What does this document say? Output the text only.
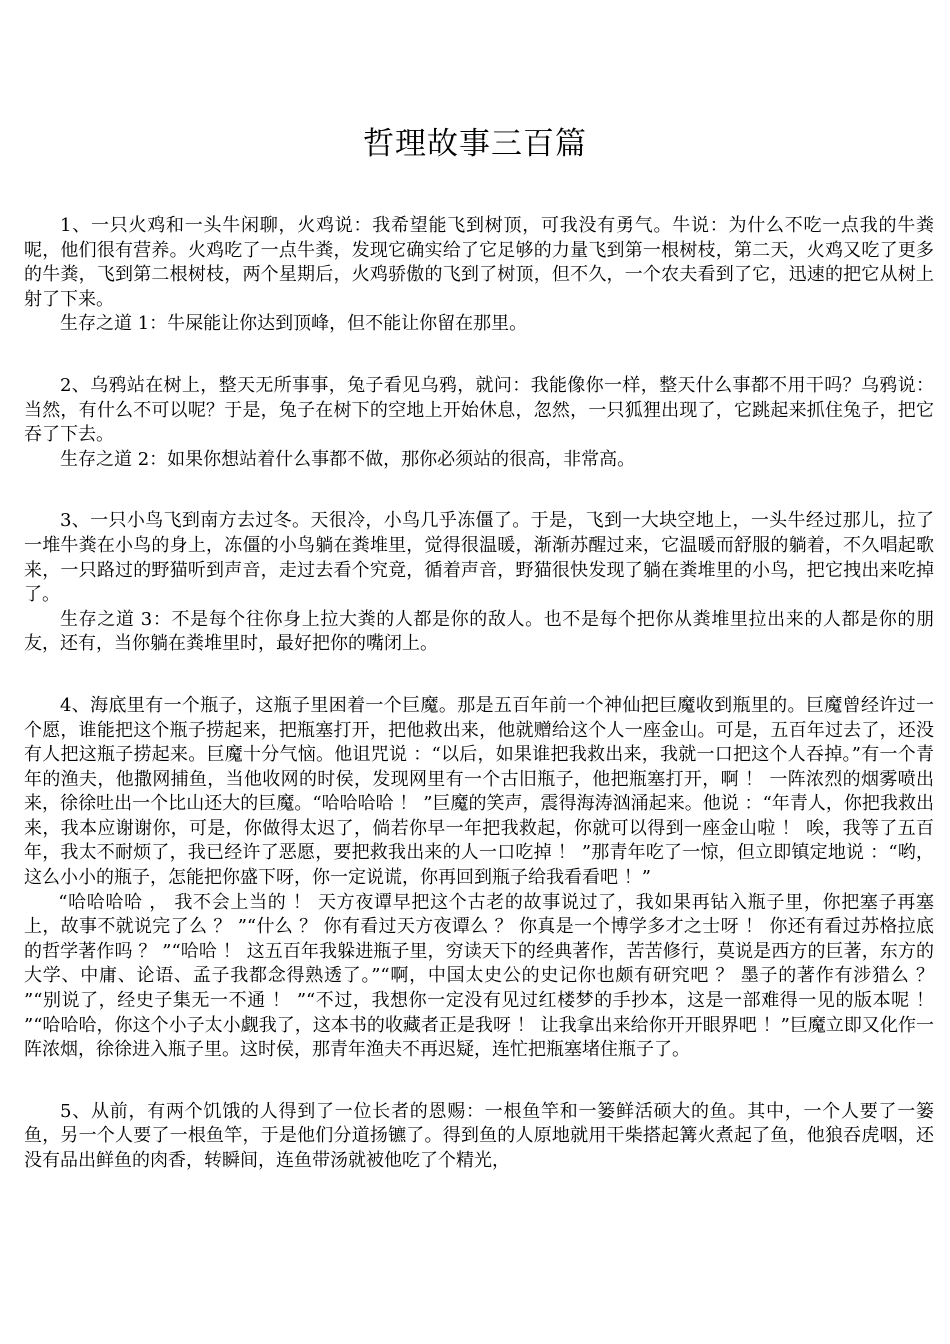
哲理故事三百篇

1、一只火鸡和一头牛闲聊，火鸡说：我希望能飞到树顶，可我没有勇气。牛说：为什么不吃一点我的牛粪呢，他们很有营养。火鸡吃了一点牛粪，发现它确实给了它足够的力量飞到第一根树枝，第二天，火鸡又吃了更多的牛粪，飞到第二根树枝，两个星期后，火鸡骄傲的飞到了树顶，但不久，一个农夫看到了它，迅速的把它从树上射了下来。

生存之道 1：牛屎能让你达到顶峰，但不能让你留在那里。

2、乌鸦站在树上，整天无所事事，兔子看见乌鸦，就问：我能像你一样，整天什么事都不用干吗？乌鸦说：当然，有什么不可以呢？于是，兔子在树下的空地上开始休息，忽然，一只狐狸出现了，它跳起来抓住兔子，把它吞了下去。

生存之道 2：如果你想站着什么事都不做，那你必须站的很高，非常高。

3、一只小鸟飞到南方去过冬。天很冷，小鸟几乎冻僵了。于是，飞到一大块空地上，一头牛经过那儿，拉了一堆牛粪在小鸟的身上，冻僵的小鸟躺在粪堆里，觉得很温暖，渐渐苏醒过来，它温暖而舒服的躺着，不久唱起歌来，一只路过的野猫听到声音，走过去看个究竟，循着声音，野猫很快发现了躺在粪堆里的小鸟，把它拽出来吃掉了。

生存之道 3：不是每个往你身上拉大粪的人都是你的敌人。也不是每个把你从粪堆里拉出来的人都是你的朋友，还有，当你躺在粪堆里时，最好把你的嘴闭上。

4、海底里有一个瓶子，这瓶子里困着一个巨魔。那是五百年前一个神仙把巨魔收到瓶里的。巨魔曾经许过一个愿，谁能把这个瓶子捞起来，把瓶塞打开，把他救出来，他就赠给这个人一座金山。可是，五百年过去了，还没有人把这瓶子捞起来。巨魔十分气恼。他诅咒说 ：“以后，如果谁把我救出来，我就一口把这个人吞掉。”有一个青年的渔夫，他撒网捕鱼，当他收网的时侯，发现网里有一个古旧瓶子，他把瓶塞打开，啊 ！ 一阵浓烈的烟雾喷出来，徐徐吐出一个比山还大的巨魔。“哈哈哈哈 ！ ”巨魔的笑声，震得海涛汹涌起来。他说 ：“年青人，你把我救出来，我本应谢谢你，可是，你做得太迟了，倘若你早一年把我救起，你就可以得到一座金山啦 ！ 唉，我等了五百年，我太不耐烦了，我已经许了恶愿，要把救我出来的人一口吃掉 ！ ”那青年吃了一惊，但立即镇定地说 ：“哟，这么小小的瓶子，怎能把你盛下呀，你一定说谎，你再回到瓶子给我看看吧 ！”

“哈哈哈哈 ， 我不会上当的 ！ 天方夜谭早把这个古老的故事说过了，我如果再钻入瓶子里，你把塞子再塞上，故事不就说完了么 ？ ”“什么 ？ 你有看过天方夜谭么 ？ 你真是一个博学多才之士呀 ！ 你还有看过苏格拉底的哲学著作吗 ？ ”“哈哈 ！ 这五百年我躲进瓶子里，穷读天下的经典著作，苦苦修行，莫说是西方的巨著，东方的大学、中庸、论语、孟子我都念得熟透了。”“啊，中国太史公的史记你也颇有研究吧 ？ 墨子的著作有涉猎么 ？ ”“别说了，经史子集无一不通 ！ ”“不过，我想你一定没有见过红楼梦的手抄本，这是一部难得一见的版本呢 ！ ”“哈哈哈，你这个小子太小觑我了，这本书的收藏者正是我呀 ！ 让我拿出来给你开开眼界吧 ！”巨魔立即又化作一阵浓烟，徐徐进入瓶子里。这时侯，那青年渔夫不再迟疑，连忙把瓶塞堵住瓶子了。

5、从前，有两个饥饿的人得到了一位长者的恩赐：一根鱼竿和一篓鲜活硕大的鱼。其中，一个人要了一篓鱼，另一个人要了一根鱼竿，于是他们分道扬镳了。得到鱼的人原地就用干柴搭起篝火煮起了鱼，他狼吞虎咽，还没有品出鲜鱼的肉香，转瞬间，连鱼带汤就被他吃了个精光，
